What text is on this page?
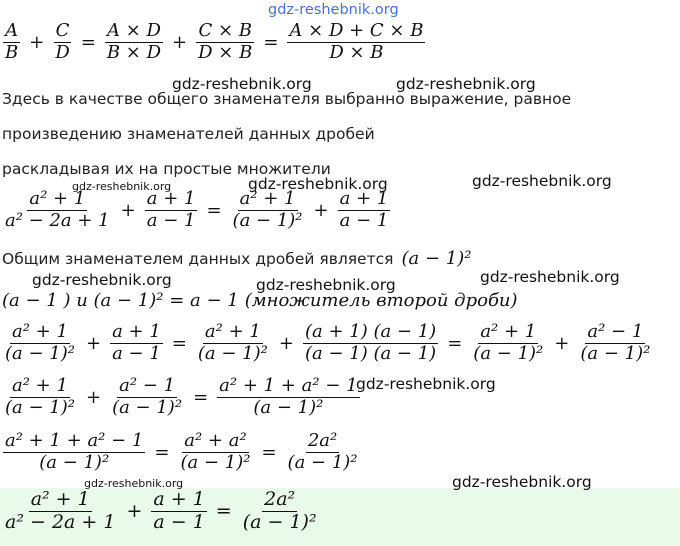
gdz-reshebnik.org
gdz-reshebnik.org	gdz-reshebnik.org
gdz-reshebnik.org	gdz-reshebnik.org	gdz-reshebnik.org
gdz-reshebnik.org	gdz-reshebnik.org	gdz-reshebnik.org
gdz-reshebnik.org
gdz-reshebnik.org	gdz-reshebnik.org
$\frac{A}{B} + \frac{C}{D} = \frac{A \times D}{B \times D} + \frac{C \times B}{D \times B} = \frac{A \times D + C \times B}{D \times B}$
Здесь в качестве общего знаменателя выбранно выражение, равное
произведению знаменателей данных дробей
раскладывая их на простые множители
$\frac{\text{a² + 1}}{\text{a² − 2a + 1}} + \frac{a + 1}{a - 1} = \frac{\text{a² + 1}}{\text{(a − 1)²}} + \frac{a + 1}{a - 1}$
Общим знаменателем данных дробей является (a − 1)²
(a − 1 ) и (a − 1)² = a − 1 (множитель второй дроби)
$\frac{\text{a² + 1}}{\text{(a − 1)²}} + \frac{a + 1}{a - 1} = \frac{\text{a² + 1}}{\text{(a − 1)²}} + \frac{(a + 1) (a - 1)}{(a - 1) (a - 1)} = \frac{\text{a² + 1}}{\text{(a − 1)²}} + \frac{\text{a² − 1}}{\text{(a − 1)²}}$
$\frac{\text{a² + 1}}{\text{(a − 1)²}} + \frac{\text{a² − 1}}{\text{(a − 1)²}} = \frac{\text{a² + 1 + a² − 1}}{\text{(a − 1)²}}$
$\frac{\text{a² + 1 + a² − 1}}{\text{(a − 1)²}} = \frac{\text{a² + a²}}{\text{(a − 1)²}} = \frac{\text{2a²}}{\text{(a − 1)²}}$
$\frac{\text{a² + 1}}{\text{a² − 2a + 1}} + \frac{a + 1}{a - 1} = \frac{\text{2a²}}{\text{(a − 1)²}}$
